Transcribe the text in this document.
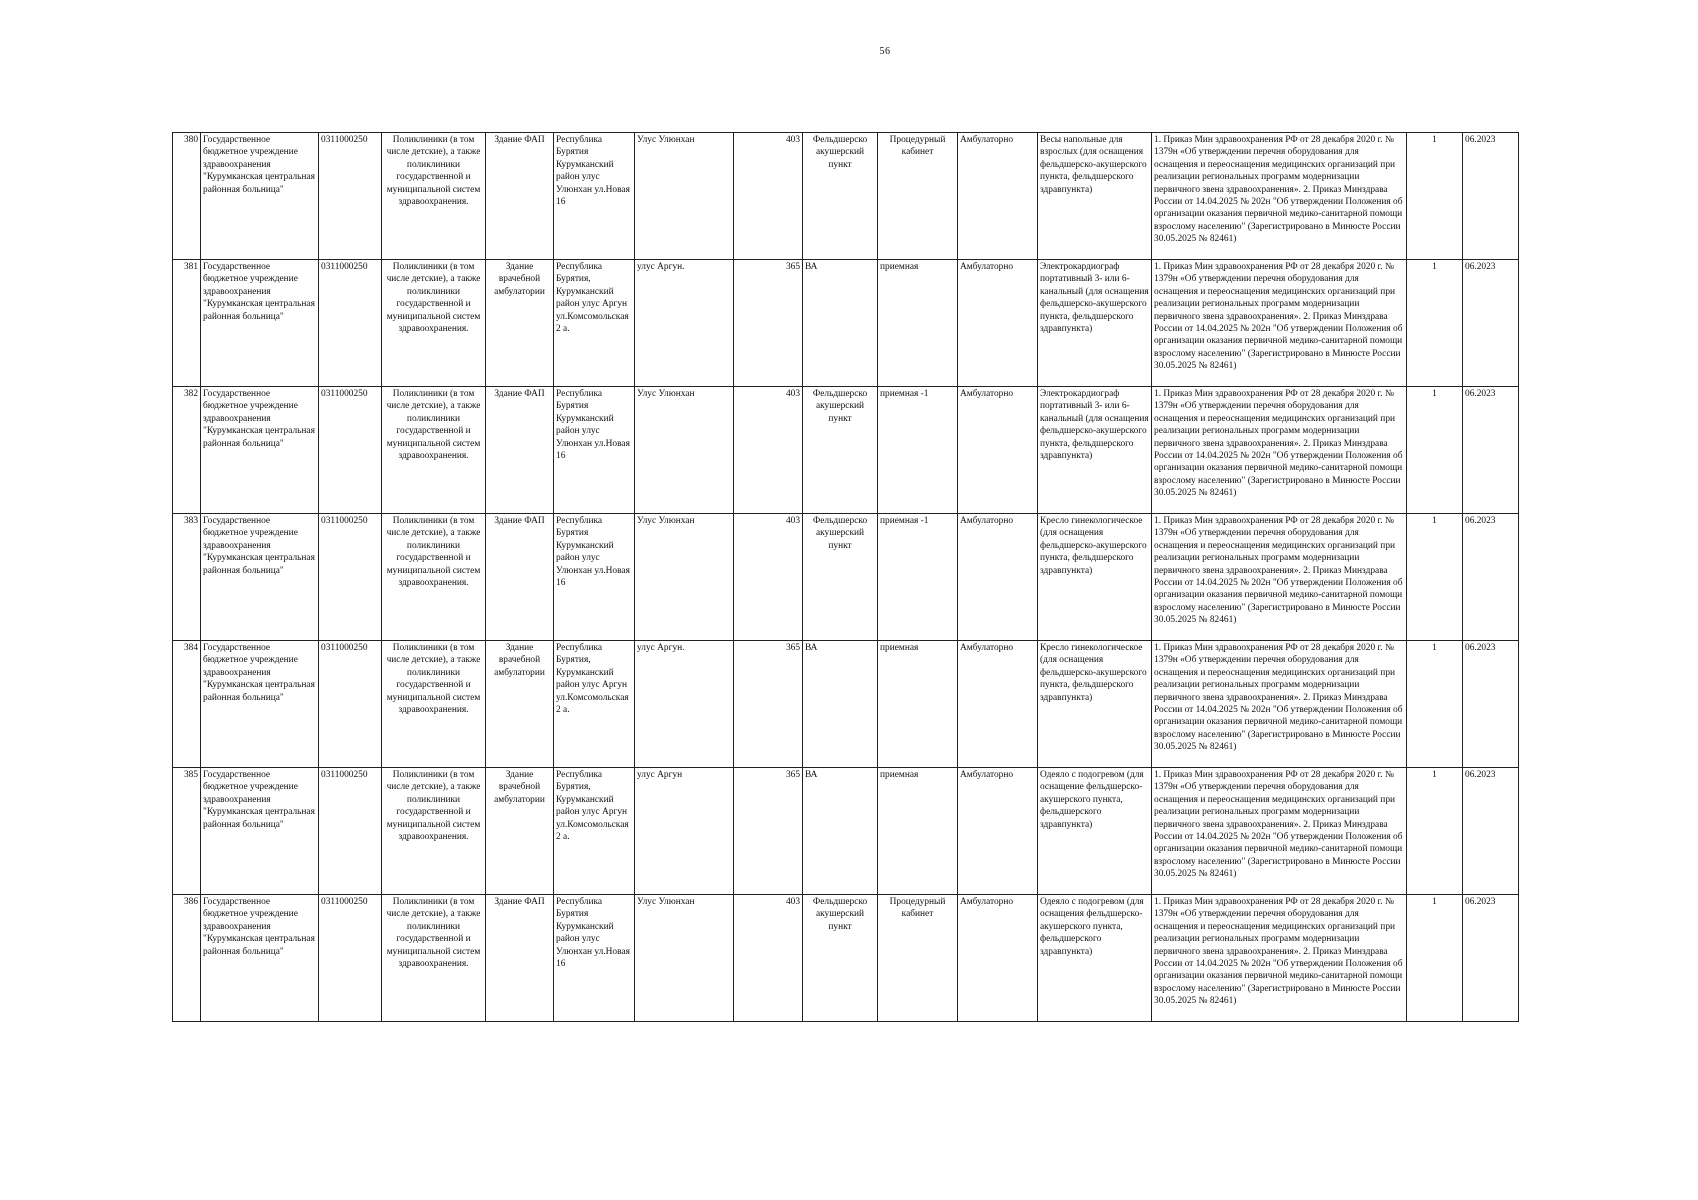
56
380	Государственное бюджетное учреждение здравоохранения "Курумканская центральная районная больница"	0311000250	Поликлиники (в том числе детские), а также поликлиники государственной и муниципальной систем здравоохранения.	Здание ФАП	Республика Бурятия Курумканский район улус Улюнхан ул.Новая 16	Улус Улюнхан	403	Фельдшерско акушерский пункт	Процедурный кабинет	Амбулаторно	Весы напольные для взрослых (для оснащения фельдшерско-акушерского пункта, фельдшерского здравпункта)	1. Приказ Мин здравоохранения РФ от 28 декабря 2020 г. № 1379н «Об утверждении перечня оборудования для оснащения и переоснащения медицинских организаций при реализации региональных программ модернизации первичного звена здравоохранения». 2. Приказ Минздрава России от 14.04.2025 № 202н "Об утверждении Положения об организации оказания первичной медико-санитарной помощи взрослому населению" (Зарегистрировано в Минюсте России 30.05.2025 № 82461)	1	06.2023
381	Государственное бюджетное учреждение здравоохранения "Курумканская центральная районная больница"	0311000250	Поликлиники (в том числе детские), а также поликлиники государственной и муниципальной систем здравоохранения.	Здание врачебной амбулатории	Республика Бурятия, Курумканский район улус Аргун ул.Комсомольская 2 а.	улус Аргун.	365	ВА	приемная	Амбулаторно	Электрокардиограф портативный 3- или 6-канальный (для оснащения фельдшерско-акушерского пункта, фельдшерского здравпункта)	1. Приказ Мин здравоохранения РФ от 28 декабря 2020 г. № 1379н «Об утверждении перечня оборудования для оснащения и переоснащения медицинских организаций при реализации региональных программ модернизации первичного звена здравоохранения». 2. Приказ Минздрава России от 14.04.2025 № 202н "Об утверждении Положения об организации оказания первичной медико-санитарной помощи взрослому населению" (Зарегистрировано в Минюсте России 30.05.2025 № 82461)	1	06.2023
382	Государственное бюджетное учреждение здравоохранения "Курумканская центральная районная больница"	0311000250	Поликлиники (в том числе детские), а также поликлиники государственной и муниципальной систем здравоохранения.	Здание ФАП	Республика Бурятия Курумканский район улус Улюнхан ул.Новая 16	Улус Улюнхан	403	Фельдшерско акушерский пункт	приемная -1	Амбулаторно	Электрокардиограф портативный 3- или 6-канальный (для оснащения фельдшерско-акушерского пункта, фельдшерского здравпункта)	1. Приказ Мин здравоохранения РФ от 28 декабря 2020 г. № 1379н «Об утверждении перечня оборудования для оснащения и переоснащения медицинских организаций при реализации региональных программ модернизации первичного звена здравоохранения». 2. Приказ Минздрава России от 14.04.2025 № 202н "Об утверждении Положения об организации оказания первичной медико-санитарной помощи взрослому населению" (Зарегистрировано в Минюсте России 30.05.2025 № 82461)	1	06.2023
383	Государственное бюджетное учреждение здравоохранения "Курумканская центральная районная больница"	0311000250	Поликлиники (в том числе детские), а также поликлиники государственной и муниципальной систем здравоохранения.	Здание ФАП	Республика Бурятия Курумканский район улус Улюнхан ул.Новая 16	Улус Улюнхан	403	Фельдшерско акушерский пункт	приемная -1	Амбулаторно	Кресло гинекологическое (для оснащения фельдшерско-акушерского пункта, фельдшерского здравпункта)	1. Приказ Мин здравоохранения РФ от 28 декабря 2020 г. № 1379н «Об утверждении перечня оборудования для оснащения и переоснащения медицинских организаций при реализации региональных программ модернизации первичного звена здравоохранения». 2. Приказ Минздрава России от 14.04.2025 № 202н "Об утверждении Положения об организации оказания первичной медико-санитарной помощи взрослому населению" (Зарегистрировано в Минюсте России 30.05.2025 № 82461)	1	06.2023
384	Государственное бюджетное учреждение здравоохранения "Курумканская центральная районная больница"	0311000250	Поликлиники (в том числе детские), а также поликлиники государственной и муниципальной систем здравоохранения.	Здание врачебной амбулатории	Республика Бурятия, Курумканский район улус Аргун ул.Комсомольская 2 а.	улус Аргун.	365	ВА	приемная	Амбулаторно	Кресло гинекологическое (для оснащения фельдшерско-акушерского пункта, фельдшерского здравпункта)	1. Приказ Мин здравоохранения РФ от 28 декабря 2020 г. № 1379н «Об утверждении перечня оборудования для оснащения и переоснащения медицинских организаций при реализации региональных программ модернизации первичного звена здравоохранения». 2. Приказ Минздрава России от 14.04.2025 № 202н "Об утверждении Положения об организации оказания первичной медико-санитарной помощи взрослому населению" (Зарегистрировано в Минюсте России 30.05.2025 № 82461)	1	06.2023
385	Государственное бюджетное учреждение здравоохранения "Курумканская центральная районная больница"	0311000250	Поликлиники (в том числе детские), а также поликлиники государственной и муниципальной систем здравоохранения.	Здание врачебной амбулатории	Республика Бурятия, Курумканский район улус Аргун ул.Комсомольская 2 а.	улус Аргун	365	ВА	приемная	Амбулаторно	Одеяло с подогревом (для оснащение фельдшерско-акушерского пункта, фельдшерского здравпункта)	1. Приказ Мин здравоохранения РФ от 28 декабря 2020 г. № 1379н «Об утверждении перечня оборудования для оснащения и переоснащения медицинских организаций при реализации региональных программ модернизации первичного звена здравоохранения». 2. Приказ Минздрава России от 14.04.2025 № 202н "Об утверждении Положения об организации оказания первичной медико-санитарной помощи взрослому населению" (Зарегистрировано в Минюсте России 30.05.2025 № 82461)	1	06.2023
386	Государственное бюджетное учреждение здравоохранения "Курумканская центральная районная больница"	0311000250	Поликлиники (в том числе детские), а также поликлиники государственной и муниципальной систем здравоохранения.	Здание ФАП	Республика Бурятия Курумканский район улус Улюнхан ул.Новая 16	Улус Улюнхан	403	Фельдшерско акушерский пункт	Процедурный кабинет	Амбулаторно	Одеяло с подогревом (для оснащения фельдшерско-акушерского пункта, фельдшерского здравпункта)	1. Приказ Мин здравоохранения РФ от 28 декабря 2020 г. № 1379н «Об утверждении перечня оборудования для оснащения и переоснащения медицинских организаций при реализации региональных программ модернизации первичного звена здравоохранения». 2. Приказ Минздрава России от 14.04.2025 № 202н "Об утверждении Положения об организации оказания первичной медико-санитарной помощи взрослому населению" (Зарегистрировано в Минюсте России 30.05.2025 № 82461)	1	06.2023
